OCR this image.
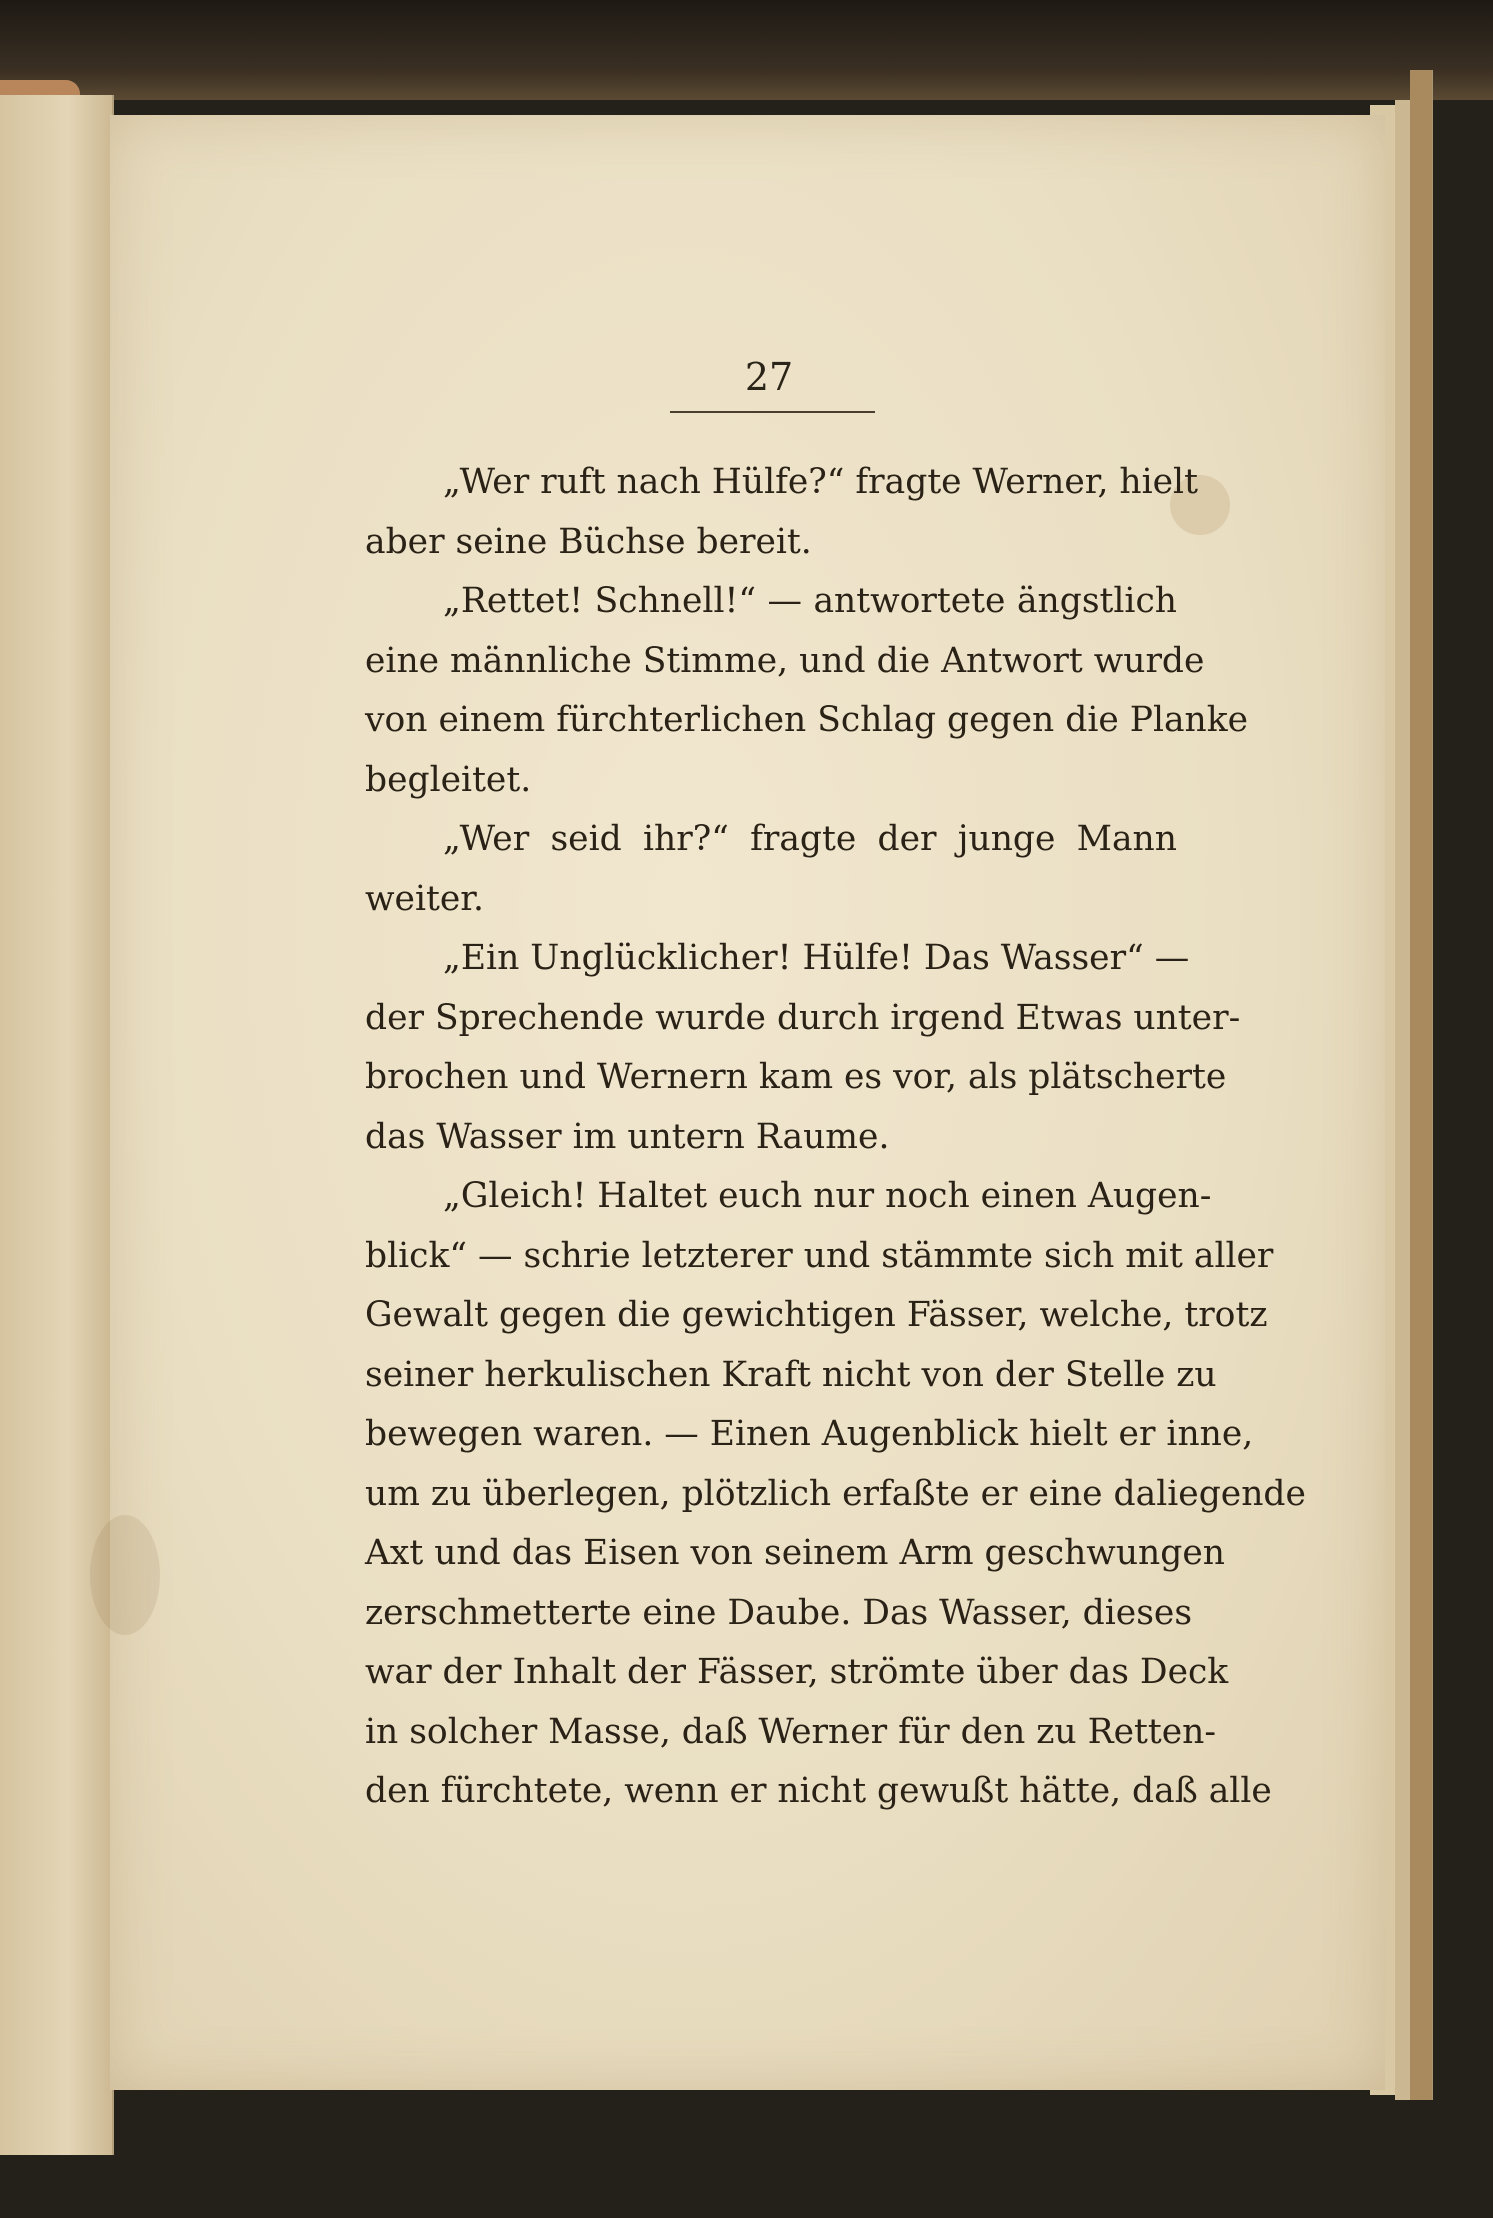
27
„Wer ruft nach Hülfe?“ fragte Werner, hielt
aber seine Büchse bereit.
„Rettet! Schnell!“ — antwortete ängstlich
eine männliche Stimme, und die Antwort wurde
von einem fürchterlichen Schlag gegen die Planke
begleitet.
„Wer seid ihr?“ fragte der junge Mann
weiter.
„Ein Unglücklicher! Hülfe! Das Wasser“ —
der Sprechende wurde durch irgend Etwas unter-
brochen und Wernern kam es vor, als plätscherte
das Wasser im untern Raume.
„Gleich! Haltet euch nur noch einen Augen-
blick“ — schrie letzterer und stämmte sich mit aller
Gewalt gegen die gewichtigen Fässer, welche, trotz
seiner herkulischen Kraft nicht von der Stelle zu
bewegen waren. — Einen Augenblick hielt er inne,
um zu überlegen, plötzlich erfaßte er eine daliegende
Axt und das Eisen von seinem Arm geschwungen
zerschmetterte eine Daube. Das Wasser, dieses
war der Inhalt der Fässer, strömte über das Deck
in solcher Masse, daß Werner für den zu Retten-
den fürchtete, wenn er nicht gewußt hätte, daß alle
